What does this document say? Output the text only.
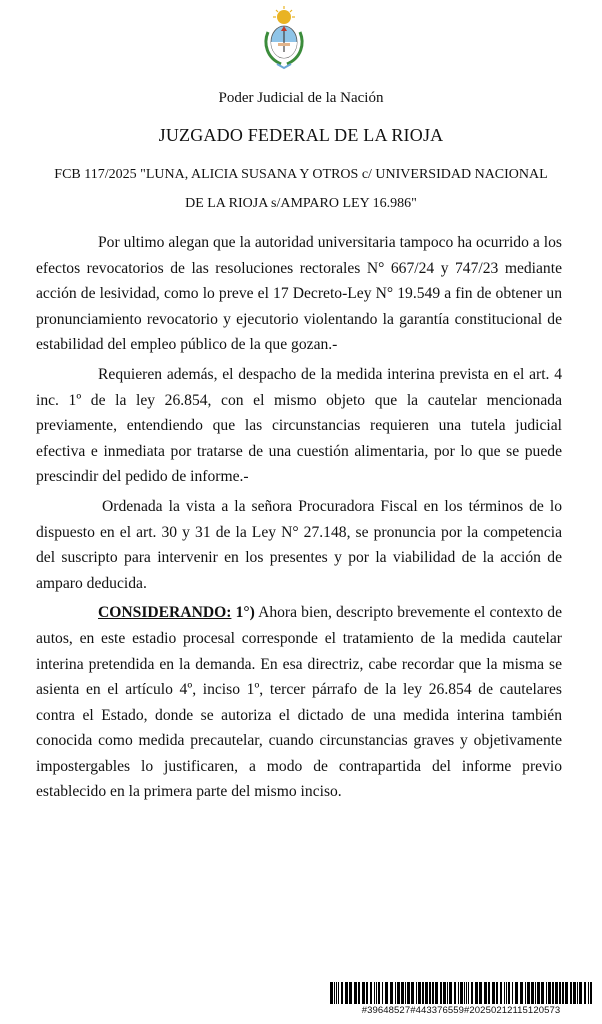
Poder Judicial de la Nación
JUZGADO FEDERAL DE LA RIOJA
FCB 117/2025 "LUNA, ALICIA SUSANA Y OTROS c/ UNIVERSIDAD NACIONAL
DE LA RIOJA s/AMPARO LEY 16.986"

Por ultimo alegan que la autoridad universitaria tampoco ha ocurrido a los efectos revocatorios de las resoluciones rectorales N° 667/24 y 747/23 mediante acción de lesividad, como lo preve el 17 Decreto-Ley N° 19.549 a fin de obtener un pronunciamiento revocatorio y ejecutorio violentando la garantía constitucional de estabilidad del empleo público de la que gozan.-

Requieren además, el despacho de la medida interina prevista en el art. 4 inc. 1º de la ley 26.854, con el mismo objeto que la cautelar mencionada previamente, entendiendo que las circunstancias requieren una tutela judicial efectiva e inmediata por tratarse de una cuestión alimentaria, por lo que se puede prescindir del pedido de informe.-

Ordenada la vista a la señora Procuradora Fiscal en los términos de lo dispuesto en el art. 30 y 31 de la Ley N° 27.148, se pronuncia por la competencia del suscripto para intervenir en los presentes y por la viabilidad de la acción de amparo deducida.

CONSIDERANDO: 1°) Ahora bien, descripto brevemente el contexto de autos, en este estadio procesal corresponde el tratamiento de la medida cautelar interina pretendida en la demanda. En esa directriz, cabe recordar que la misma se asienta en el artículo 4º, inciso 1º, tercer párrafo de la ley 26.854 de cautelares contra el Estado, donde se autoriza el dictado de una medida interina también conocida como medida precautelar, cuando circunstancias graves y objetivamente impostergables lo justificaren, a modo de contrapartida del informe previo establecido en la primera parte del mismo inciso.

#39648527#443376559#20250212115120573
